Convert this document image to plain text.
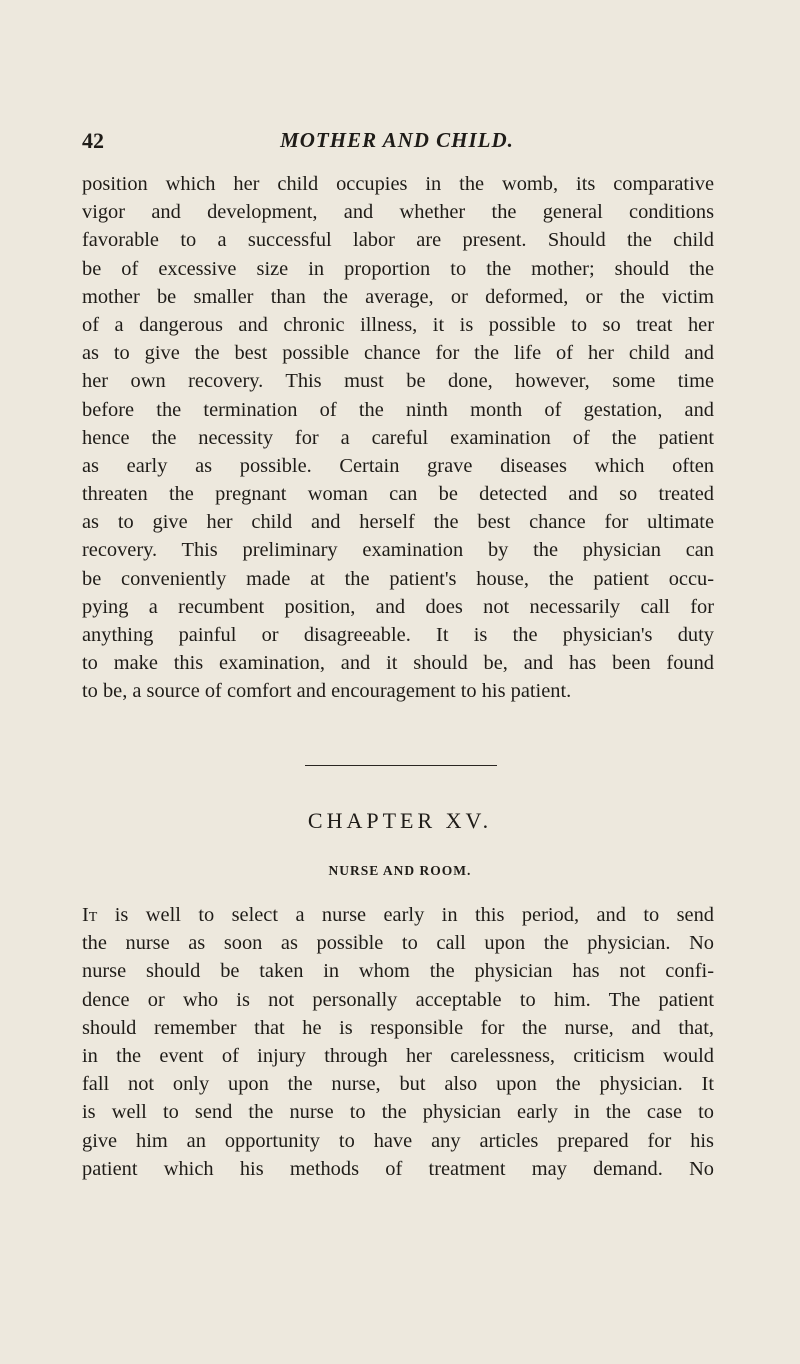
42	MOTHER AND CHILD.
position which her child occupies in the womb, its comparative
vigor and development, and whether the general conditions
favorable to a successful labor are present. Should the child
be of excessive size in proportion to the mother; should the
mother be smaller than the average, or deformed, or the victim
of a dangerous and chronic illness, it is possible to so treat her
as to give the best possible chance for the life of her child and
her own recovery. This must be done, however, some time
before the termination of the ninth month of gestation, and
hence the necessity for a careful examination of the patient
as early as possible. Certain grave diseases which often
threaten the pregnant woman can be detected and so treated
as to give her child and herself the best chance for ultimate
recovery. This preliminary examination by the physician can
be conveniently made at the patient's house, the patient occu-
pying a recumbent position, and does not necessarily call for
anything painful or disagreeable. It is the physician's duty
to make this examination, and it should be, and has been found
to be, a source of comfort and encouragement to his patient.
CHAPTER XV.
NURSE AND ROOM.
It is well to select a nurse early in this period, and to send
the nurse as soon as possible to call upon the physician. No
nurse should be taken in whom the physician has not confi-
dence or who is not personally acceptable to him. The patient
should remember that he is responsible for the nurse, and that,
in the event of injury through her carelessness, criticism would
fall not only upon the nurse, but also upon the physician. It
is well to send the nurse to the physician early in the case to
give him an opportunity to have any articles prepared for his
patient which his methods of treatment may demand. No
